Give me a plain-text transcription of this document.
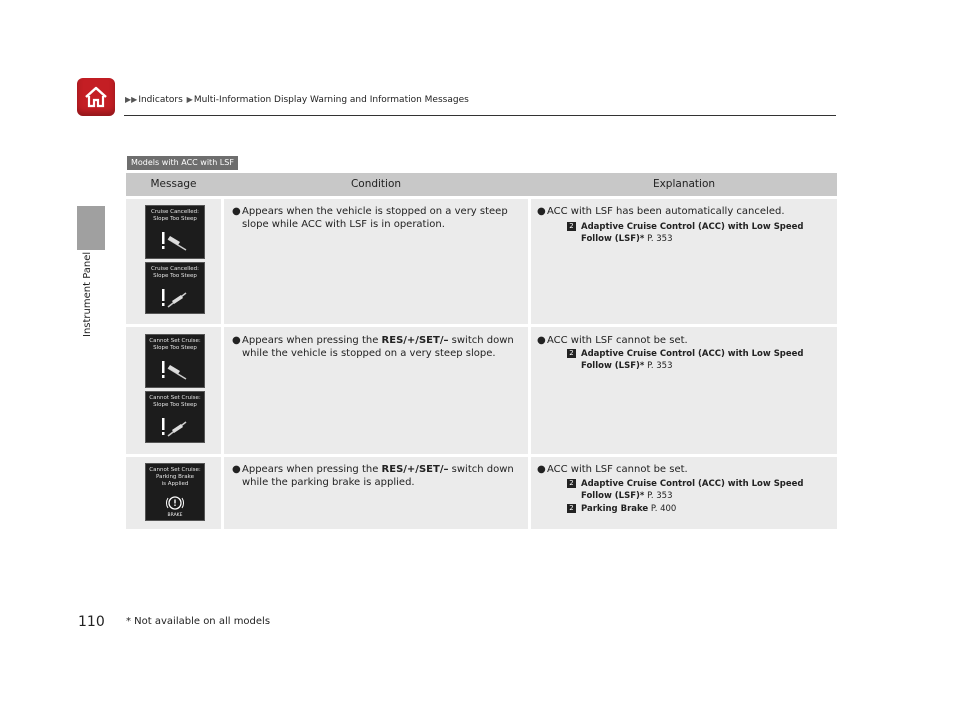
▶▶Indicators ▶Multi-Information Display Warning and Information Messages
Instrument Panel
Models with ACC with LSF
Message	Condition	Explanation
Cruise Cancelled:
Slope Too Steep
Cruise Cancelled:
Slope Too Steep
● Appears when the vehicle is stopped on a very steep slope while ACC with LSF is in operation.
● ACC with LSF has been automatically canceled.
2 Adaptive Cruise Control (ACC) with Low Speed Follow (LSF)* P. 353
Cannot Set Cruise:
Slope Too Steep
Cannot Set Cruise:
Slope Too Steep
● Appears when pressing the RES/+/SET/– switch down while the vehicle is stopped on a very steep slope.
● ACC with LSF cannot be set.
2 Adaptive Cruise Control (ACC) with Low Speed Follow (LSF)* P. 353
Cannot Set Cruise:
Parking Brake
is Applied
BRAKE
● Appears when pressing the RES/+/SET/– switch down while the parking brake is applied.
● ACC with LSF cannot be set.
2 Adaptive Cruise Control (ACC) with Low Speed Follow (LSF)* P. 353
2 Parking Brake P. 400
110 * Not available on all models
